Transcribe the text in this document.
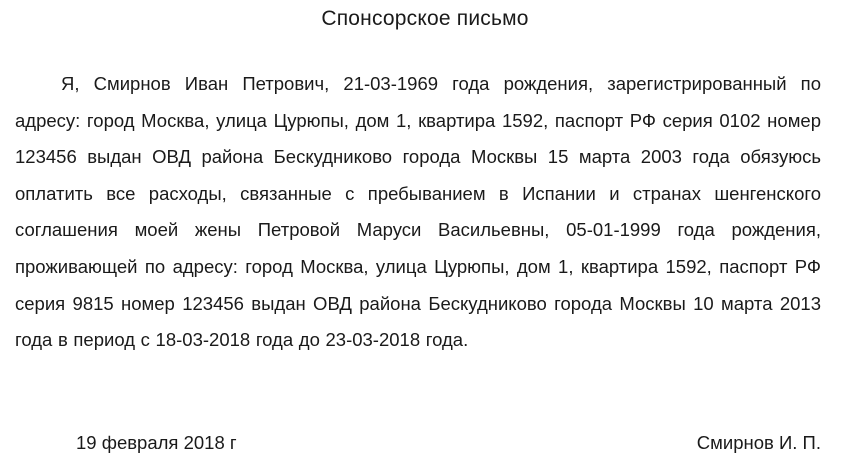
Спонсорское письмо

Я, Смирнов Иван Петрович, 21-03-1969 года рождения, зарегистрированный по адресу: город Москва, улица Цурюпы, дом 1, квартира 1592, паспорт РФ серия 0102 номер 123456 выдан ОВД района Бескудниково города Москвы 15 марта 2003 года обязуюсь оплатить все расходы, связанные с пребыванием в Испании и странах шенгенского соглашения моей жены Петровой Маруси Васильевны, 05-01-1999 года рождения, проживающей по адресу: город Москва, улица Цурюпы, дом 1, квартира 1592, паспорт РФ серия 9815 номер 123456 выдан ОВД района Бескудниково города Москвы 10 марта 2013 года в период с 18-03-2018 года до 23-03-2018 года.

19 февраля 2018 г	Смирнов И. П.
